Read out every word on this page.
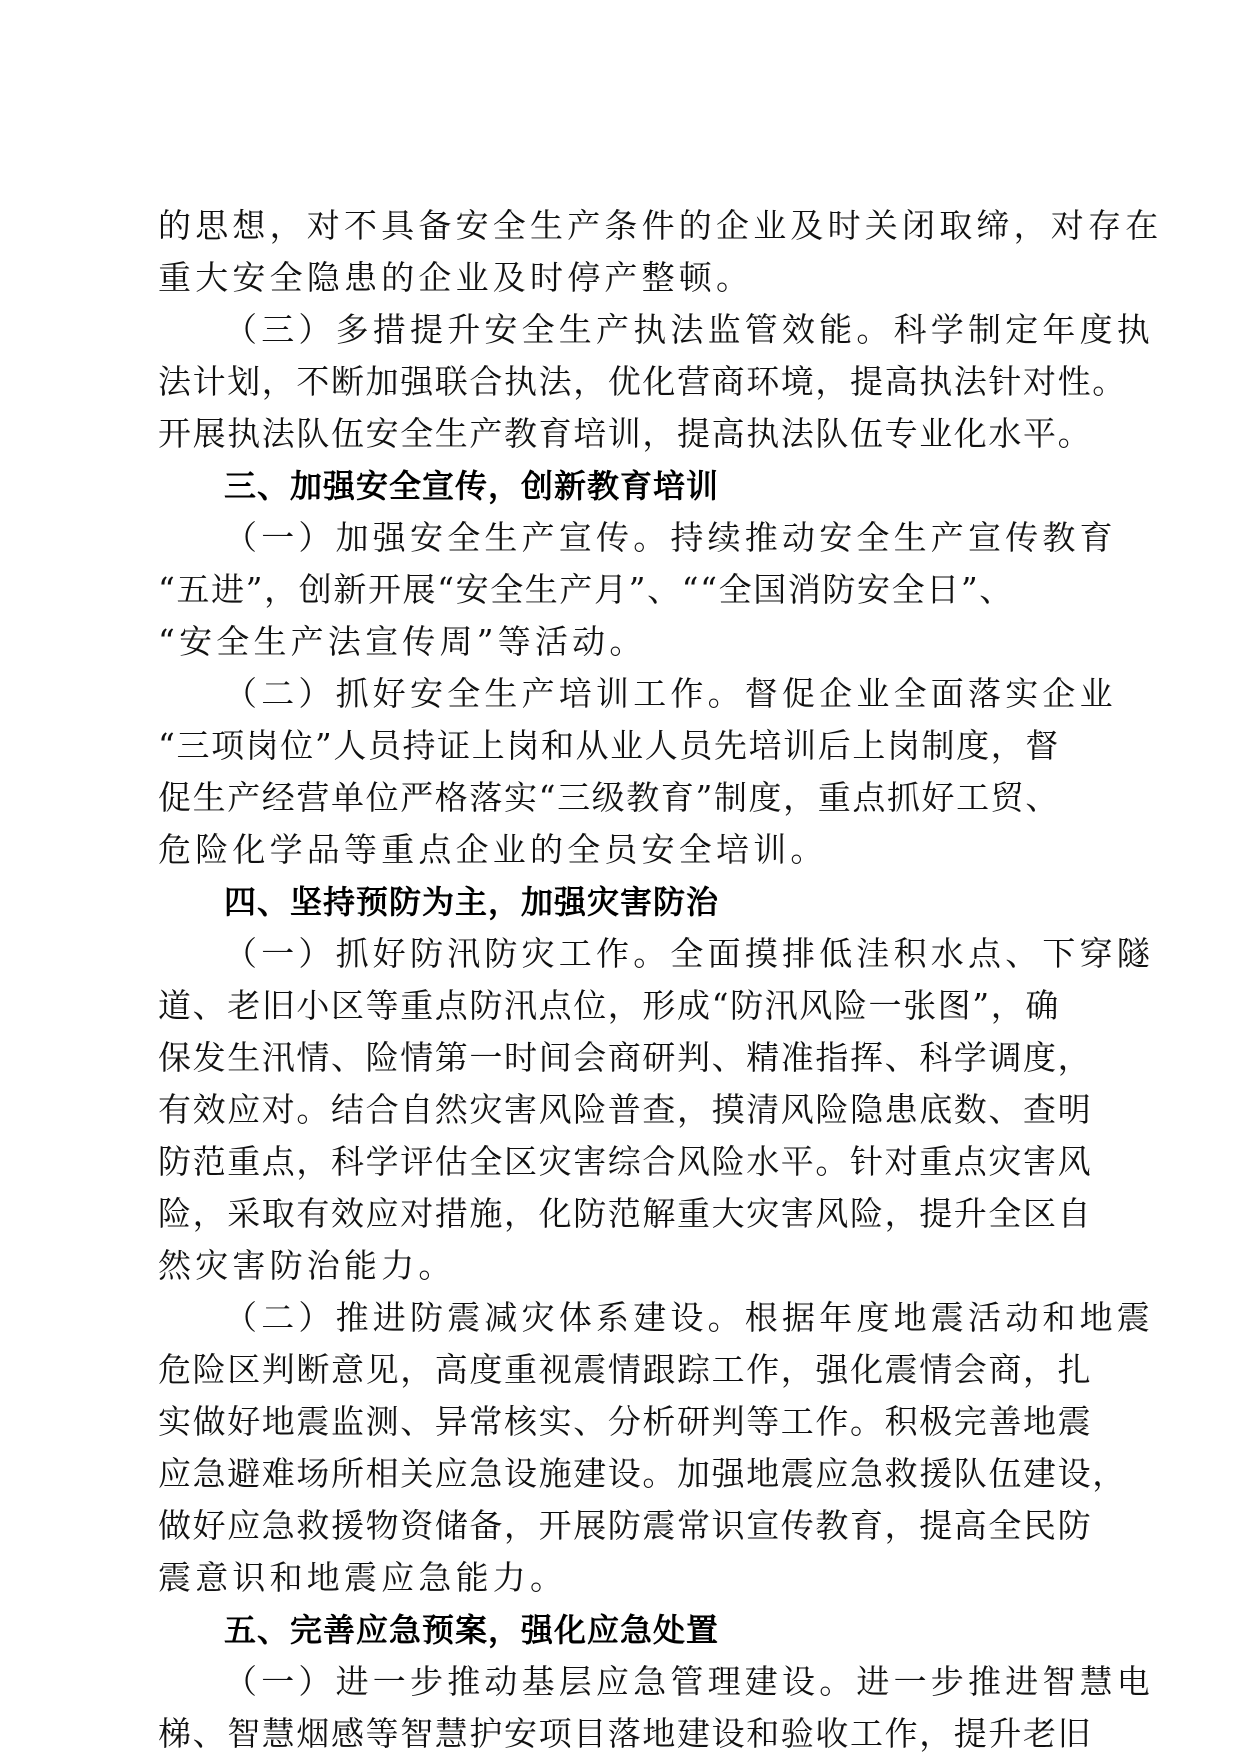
的思想，对不具备安全生产条件的企业及时关闭取缔，对存在
重大安全隐患的企业及时停产整顿。
（三）多措提升安全生产执法监管效能。科学制定年度执
法计划，不断加强联合执法，优化营商环境，提高执法针对性。
开展执法队伍安全生产教育培训，提高执法队伍专业化水平。
三、加强安全宣传，创新教育培训
（一）加强安全生产宣传。持续推动安全生产宣传教育
“五进”，创新开展“安全生产月”、““全国消防安全日”、
“安全生产法宣传周”等活动。
（二）抓好安全生产培训工作。督促企业全面落实企业
“三项岗位”人员持证上岗和从业人员先培训后上岗制度，督
促生产经营单位严格落实“三级教育”制度，重点抓好工贸、
危险化学品等重点企业的全员安全培训。
四、坚持预防为主，加强灾害防治
（一）抓好防汛防灾工作。全面摸排低洼积水点、下穿隧
道、老旧小区等重点防汛点位，形成“防汛风险一张图”，确
保发生汛情、险情第一时间会商研判、精准指挥、科学调度，
有效应对。结合自然灾害风险普查，摸清风险隐患底数、查明
防范重点，科学评估全区灾害综合风险水平。针对重点灾害风
险，采取有效应对措施，化防范解重大灾害风险，提升全区自
然灾害防治能力。
（二）推进防震减灾体系建设。根据年度地震活动和地震
危险区判断意见，高度重视震情跟踪工作，强化震情会商，扎
实做好地震监测、异常核实、分析研判等工作。积极完善地震
应急避难场所相关应急设施建设。加强地震应急救援队伍建设，
做好应急救援物资储备，开展防震常识宣传教育，提高全民防
震意识和地震应急能力。
五、完善应急预案，强化应急处置
（一）进一步推动基层应急管理建设。进一步推进智慧电
梯、智慧烟感等智慧护安项目落地建设和验收工作，提升老旧
